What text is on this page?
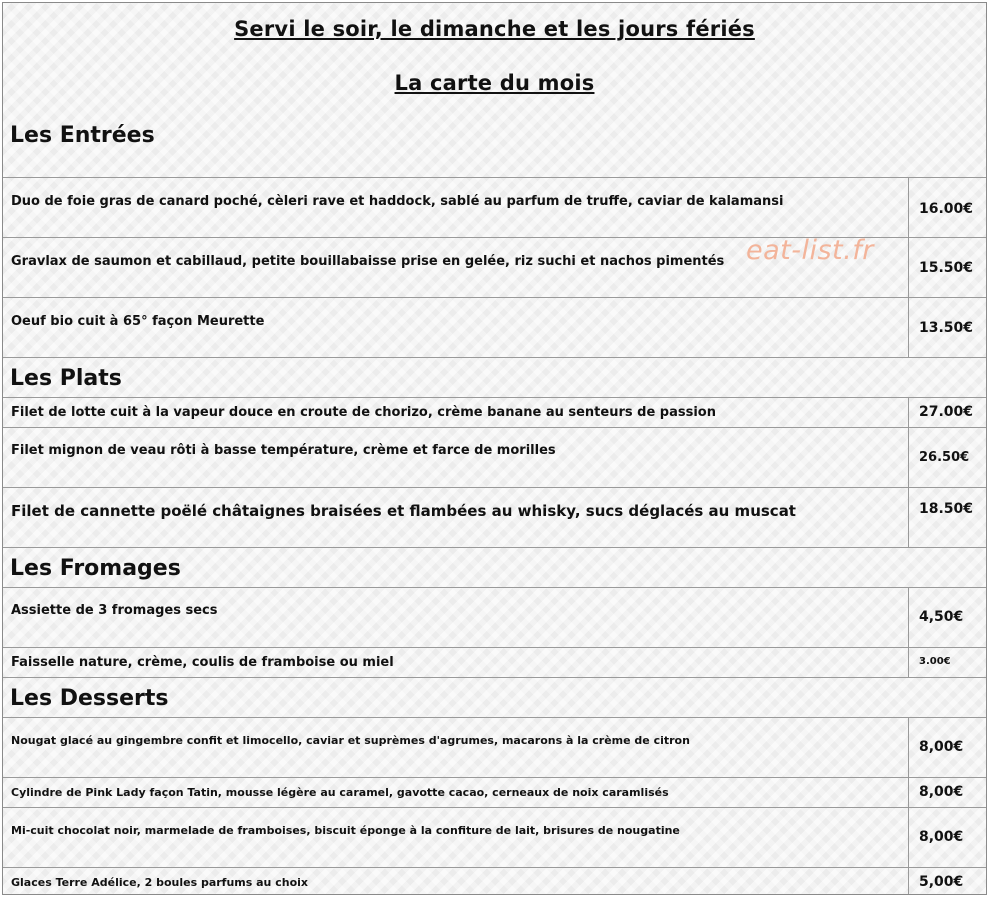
Servi le soir, le dimanche et les jours fériés
La carte du mois
Les Entrées
eat-list.fr
Duo de foie gras de canard poché, cèleri rave et haddock, sablé au parfum de truffe, caviar de kalamansi	16.00€
Gravlax de saumon et cabillaud, petite bouillabaisse prise en gelée, riz suchi et nachos pimentés	15.50€
Oeuf bio cuit à 65° façon Meurette	13.50€
Les Plats
Filet de lotte cuit à la vapeur douce en croute de chorizo, crème banane au senteurs de passion	27.00€
Filet mignon de veau rôti à basse température, crème et farce de morilles	26.50€
Filet de cannette poëlé châtaignes braisées et flambées au whisky, sucs déglacés au muscat	18.50€
Les Fromages
Assiette de 3 fromages secs	4,50€
Faisselle nature, crème, coulis de framboise ou miel	3.00€
Les Desserts
Nougat glacé au gingembre confit et limocello, caviar et suprèmes d'agrumes, macarons à la crème de citron	8,00€
Cylindre de Pink Lady façon Tatin, mousse légère au caramel, gavotte cacao, cerneaux de noix caramlisés	8,00€
Mi-cuit chocolat noir, marmelade de framboises, biscuit éponge à la confiture de lait, brisures de nougatine	8,00€
Glaces Terre Adélice, 2 boules parfums au choix	5,00€
